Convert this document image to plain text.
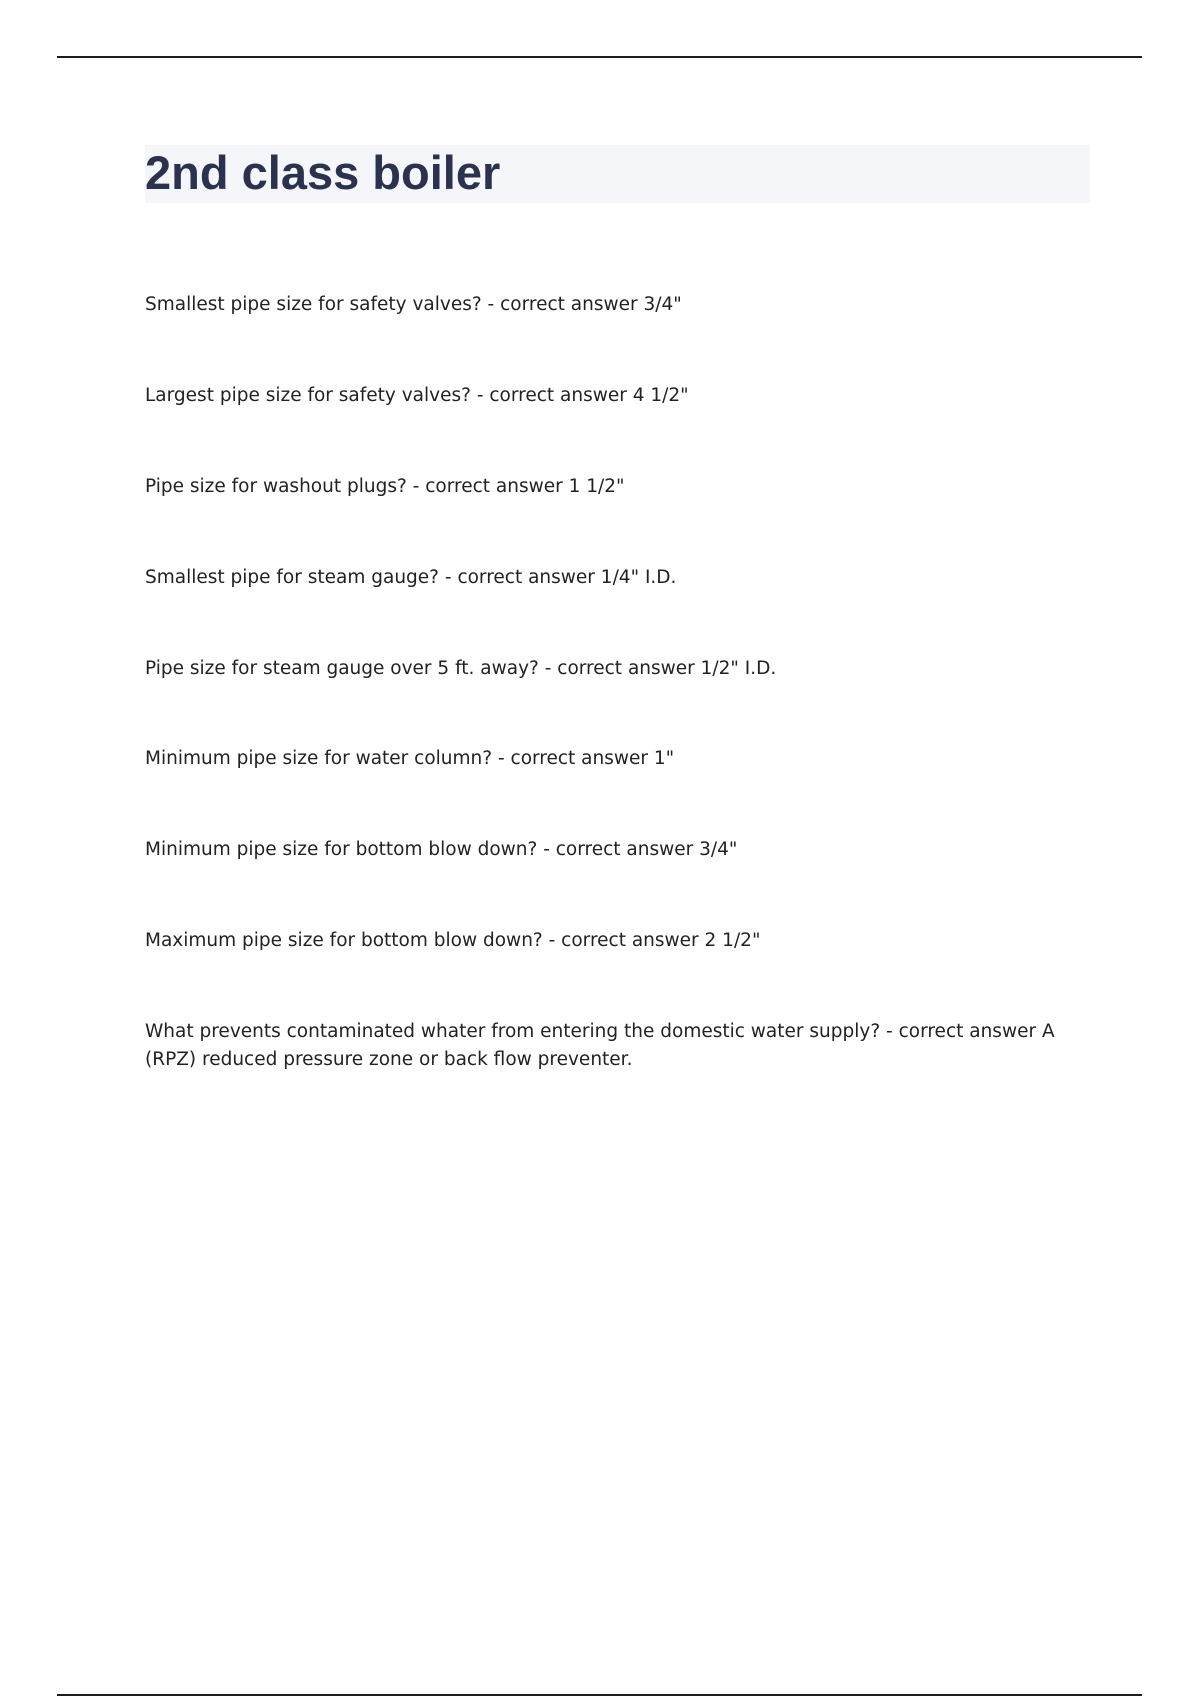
2nd class boiler
Smallest pipe size for safety valves? - correct answer 3/4"
Largest pipe size for safety valves? - correct answer 4 1/2"
Pipe size for washout plugs? - correct answer 1 1/2"
Smallest pipe for steam gauge? - correct answer 1/4" I.D.
Pipe size for steam gauge over 5 ft. away? - correct answer 1/2" I.D.
Minimum pipe size for water column? - correct answer 1"
Minimum pipe size for bottom blow down? - correct answer 3/4"
Maximum pipe size for bottom blow down? - correct answer 2 1/2"
What prevents contaminated whater from entering the domestic water supply? - correct answer A (RPZ) reduced pressure zone or back flow preventer.
